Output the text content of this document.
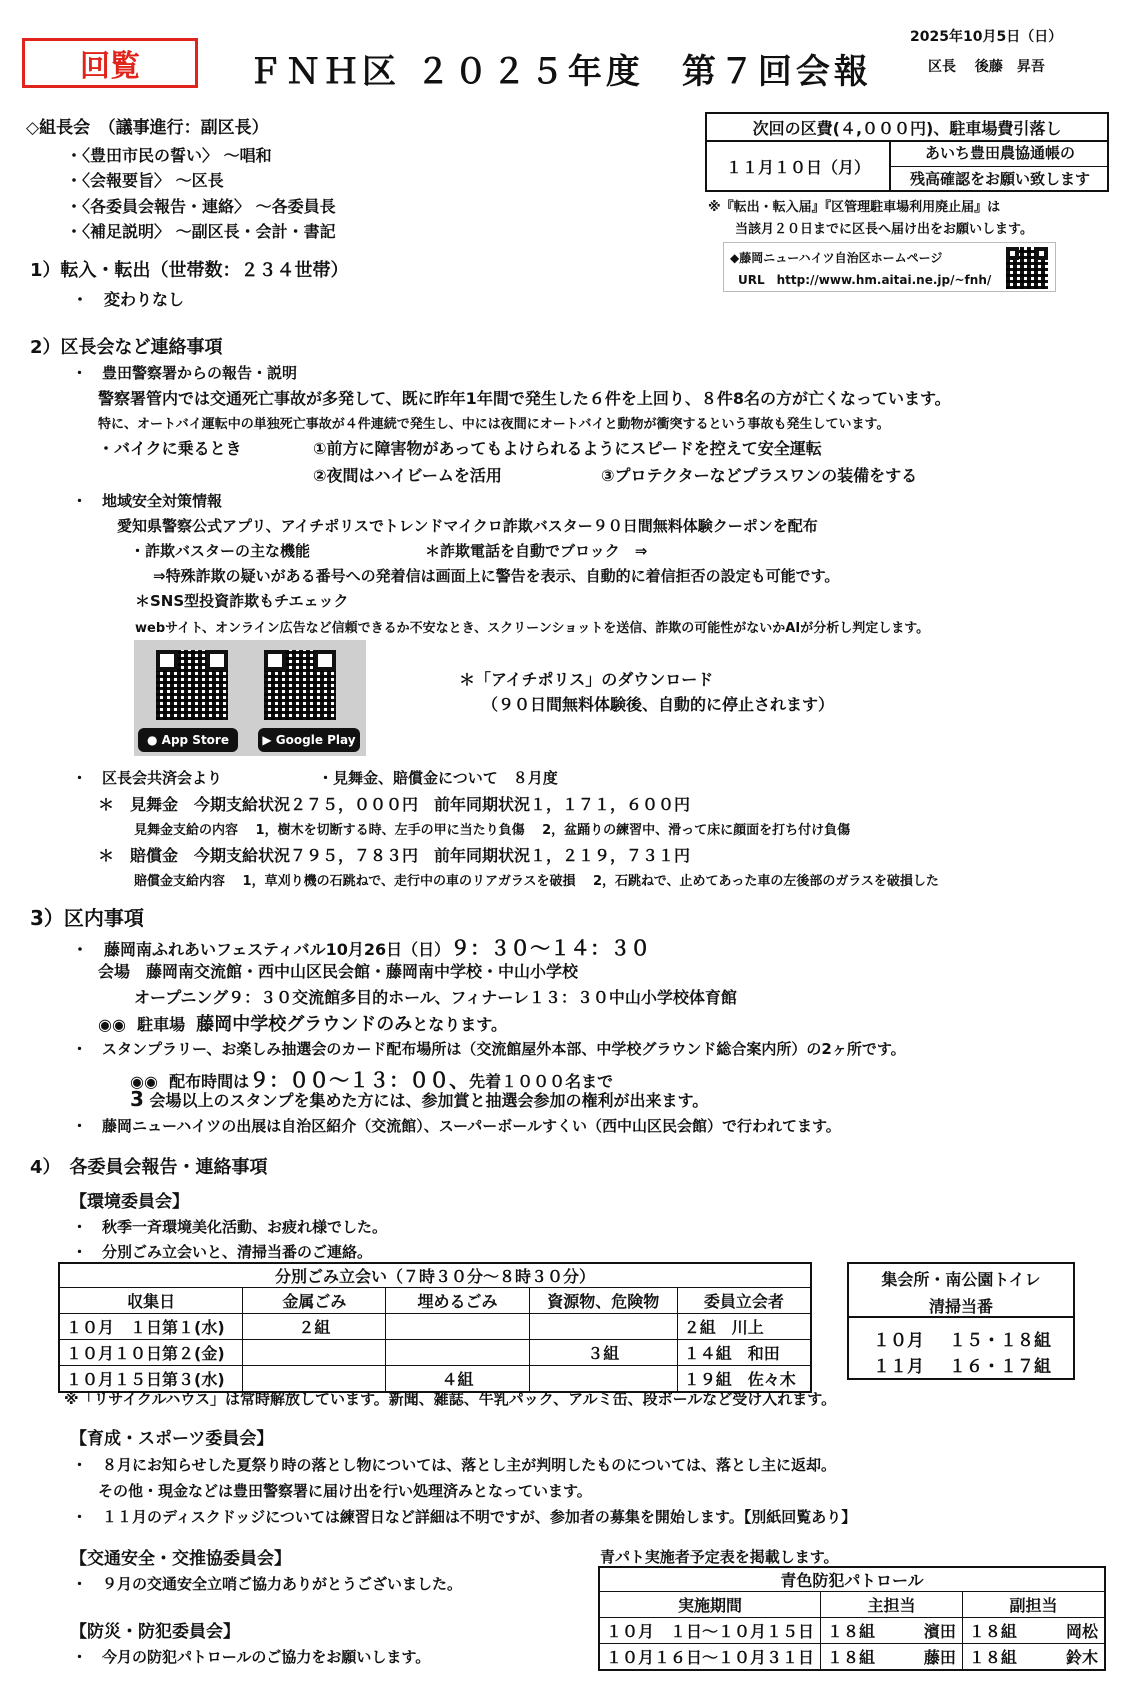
回覧	ＦＮＨ区 ２０２５年度　第７回会報
2025年10月5日（日）
区長　 後藤　昇吾
次回の区費(４,０００円)、駐車場費引落し
１１月１０日（月）
あいち豊田農協通帳の
残高確認をお願い致します
※『転出・転入届』『区管理駐車場利用廃止届』は
当該月２０日までに区長へ届け出をお願いします。
◆藤岡ニューハイツ自治区ホームページ
URL　http://www.hm.aitai.ne.jp/~fnh/
◇組長会　（議事進行：副区長）
・〈豊田市民の誓い〉 ～唱和
・〈会報要旨〉 ～区長
・〈各委員会報告・連絡〉 ～各委員長
・〈補足説明〉 ～副区長・会計・書記
1）転入・転出（世帯数：２３４世帯）
・　変わりなし
2）区長会など連絡事項
・　豊田警察署からの報告・説明
警察署管内では交通死亡事故が多発して、既に昨年1年間で発生した６件を上回り、８件8名の方が亡くなっています。
特に、オートバイ運転中の単独死亡事故が４件連続で発生し、中には夜間にオートバイと動物が衝突するという事故も発生しています。
・バイクに乗るとき	①前方に障害物があってもよけられるようにスピードを控えて安全運転
②夜間はハイビームを活用	③プロテクターなどプラスワンの装備をする
・　地域安全対策情報
愛知県警察公式アプリ、アイチポリスでトレンドマイクロ詐欺バスター９０日間無料体験クーポンを配布
・詐欺バスターの主な機能	＊詐欺電話を自動でブロック　⇒
⇒特殊詐欺の疑いがある番号への発着信は画面上に警告を表示、自動的に着信拒否の設定も可能です。
＊SNS型投資詐欺もチエェック
webサイト、オンライン広告など信頼できるか不安なとき、スクリーンショットを送信、詐欺の可能性がないかAIが分析し判定します。
● App Store	▶ Google Play
＊「アイチポリス」のダウンロード
（９０日間無料体験後、自動的に停止されます）
・　区長会共済会より	・見舞金、賠償金について　８月度
＊　見舞金　今期支給状況２７５，０００円　前年同期状況１，１７１，６００円
見舞金支給の内容　 1，樹木を切断する時、左手の甲に当たり負傷　 2，盆踊りの練習中、滑って床に顔面を打ち付け負傷
＊　賠償金　今期支給状況７９５，７８３円　前年同期状況１，２１９，７３１円
賠償金支給内容　 1，草刈り機の石跳ねで、走行中の車のリアガラスを破損　 2，石跳ねで、止めてあった車の左後部のガラスを破損した
3）区内事項
・　藤岡南ふれあいフェスティバル10月26日（日）９：３０～１４：３０
会場　藤岡南交流館・西中山区民会館・藤岡南中学校・中山小学校
オープニング９：３０交流館多目的ホール、フィナーレ１３：３０中山小学校体育館
◉◉ 駐車場 藤岡中学校グラウンドのみとなります。
・　スタンプラリー、お楽しみ抽選会のカード配布場所は（交流館屋外本部、中学校グラウンド総合案内所）の2ヶ所です。
◉◉ 配布時間は９：００～１３：００、先着１０００名まで
3 会場以上のスタンプを集めた方には、参加賞と抽選会参加の権利が出来ます。
・　藤岡ニューハイツの出展は自治区紹介（交流館）、スーパーボールすくい（西中山区民会館）で行われてます。
4）　各委員会報告・連絡事項
【環境委員会】
・　秋季一斉環境美化活動、お疲れ様でした。
・　分別ごみ立会いと、清掃当番のご連絡。
分別ごみ立会い（７時３０分～８時３０分）				
収集日	金属ごみ	埋めるごみ	資源物、危険物	委員立会者
１０月　１日第１(水)	２組			２組　川上
１０月１０日第２(金)			３組	１４組　和田
１０月１５日第３(水)		４組		１９組　佐々木
集会所・南公園トイレ
清掃当番
１０月 １５・１８組
１１月 １６・１７組
※「リサイクルハウス」は常時解放しています。新聞、雑誌、牛乳パック、アルミ缶、段ボールなど受け入れます。
【育成・スポーツ委員会】
・　８月にお知らせした夏祭り時の落とし物については、落とし主が判明したものについては、落とし主に返却。
その他・現金などは豊田警察署に届け出を行い処理済みとなっています。
・　１１月のディスクドッジについては練習日など詳細は不明ですが、参加者の募集を開始します。【別紙回覧あり】
【交通安全・交推協委員会】
・　９月の交通安全立哨ご協力ありがとうございました。
【防災・防犯委員会】
・　今月の防犯パトロールのご協力をお願いします。
青パト実施者予定表を掲載します。
青色防犯パトロール				
実施期間	主担当		副担当	
１０月　１日～１０月１５日	１８組	濱田	１８組	岡松
１０月１６日～１０月３１日	１８組	藤田	１８組	鈴木
